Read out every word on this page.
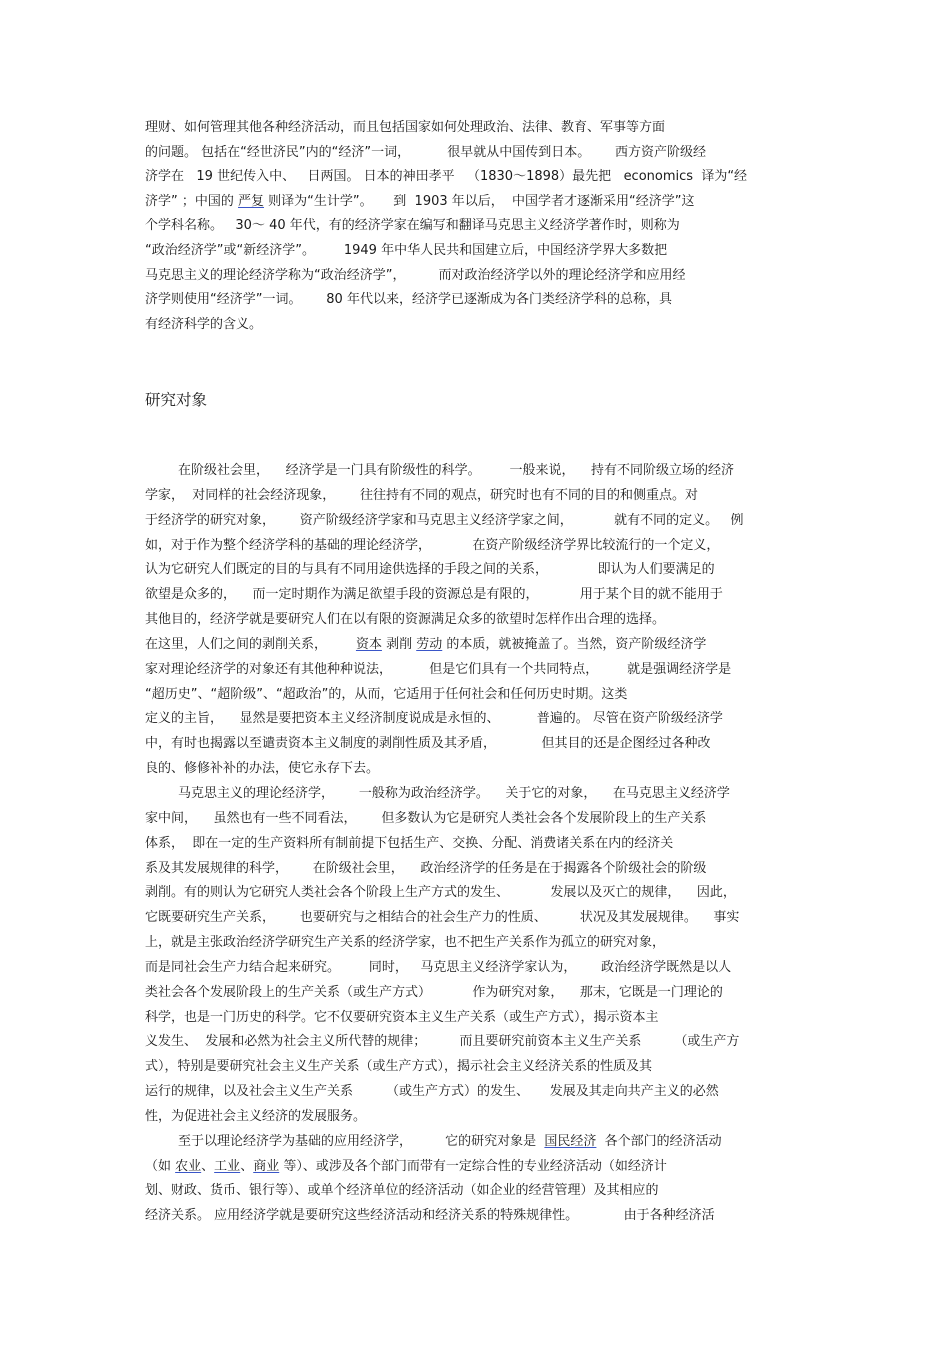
理财、如何管理其他各种经济活动，而且包括国家如何处理政治、法律、教育、军事等方面
的问题。 包括在“经世济民”内的“经济”一词，         很早就从中国传到日本。      西方资产阶级经
济学在   19 世纪传入中、   日两国。 日本的神田孝平   （1830～1898）最先把   economics  译为“经
济学” ；中国的 严复 则译为“生计学”。     到  1903 年以后，  中国学者才逐渐采用“经济学”这
个学科名称。   30～ 40 年代，有的经济学家在编写和翻译马克思主义经济学著作时，则称为
“政治经济学”或“新经济学”。       1949 年中华人民共和国建立后，中国经济学界大多数把
马克思主义的理论经济学称为“政治经济学”，        而对政治经济学以外的理论经济学和应用经
济学则使用“经济学”一词。      80 年代以来，经济学已逐渐成为各门类经济学科的总称，具
有经济科学的含义。
研究对象
在阶级社会里，    经济学是一门具有阶级性的科学。       一般来说，    持有不同阶级立场的经济
学家，  对同样的社会经济现象，      往往持有不同的观点，研究时也有不同的目的和侧重点。对
于经济学的研究对象，      资产阶级经济学家和马克思主义经济学家之间，          就有不同的定义。   例
如，对于作为整个经济学科的基础的理论经济学，          在资产阶级经济学界比较流行的一个定义，
认为它研究人们既定的目的与具有不同用途供选择的手段之间的关系，            即认为人们要满足的
欲望是众多的，    而一定时期作为满足欲望手段的资源总是有限的，          用于某个目的就不能用于
其他目的，经济学就是要研究人们在以有限的资源满足众多的欲望时怎样作出合理的选择。
在这里，人们之间的剥削关系，       资本 剥削 劳动 的本质，就被掩盖了。当然，资产阶级经济学
家对理论经济学的对象还有其他种种说法，         但是它们具有一个共同特点，       就是强调经济学是
“超历史”、“超阶级”、“超政治”的，从而，它适用于任何社会和任何历史时期。这类
定义的主旨，    显然是要把资本主义经济制度说成是永恒的、         普遍的。 尽管在资产阶级经济学
中，有时也揭露以至谴责资本主义制度的剥削性质及其矛盾，           但其目的还是企图经过各种改
良的、修修补补的办法，使它永存下去。
马克思主义的理论经济学，      一般称为政治经济学。    关于它的对象，    在马克思主义经济学
家中间，    虽然也有一些不同看法，      但多数认为它是研究人类社会各个发展阶段上的生产关系
体系，  即在一定的生产资料所有制前提下包括生产、交换、分配、消费诸关系在内的经济关
系及其发展规律的科学，      在阶级社会里，    政治经济学的任务是在于揭露各个阶级社会的阶级
剥削。有的则认为它研究人类社会各个阶段上生产方式的发生、          发展以及灭亡的规律，    因此，
它既要研究生产关系，      也要研究与之相结合的社会生产力的性质、        状况及其发展规律。    事实
上，就是主张政治经济学研究生产关系的经济学家，也不把生产关系作为孤立的研究对象，
而是同社会生产力结合起来研究。       同时，   马克思主义经济学家认为，      政治经济学既然是以人
类社会各个发展阶段上的生产关系（或生产方式）          作为研究对象，    那末，它既是一门理论的
科学，也是一门历史的科学。它不仅要研究资本主义生产关系（或生产方式），揭示资本主
义发生、  发展和必然为社会主义所代替的规律；        而且要研究前资本主义生产关系        （或生产方
式），特别是要研究社会主义生产关系（或生产方式），揭示社会主义经济关系的性质及其
运行的规律，以及社会主义生产关系        （或生产方式）的发生、     发展及其走向共产主义的必然
性，为促进社会主义经济的发展服务。
至于以理论经济学为基础的应用经济学，        它的研究对象是  国民经济  各个部门的经济活动
（如 农业、工业、商业 等）、或涉及各个部门而带有一定综合性的专业经济活动（如经济计
划、财政、货币、银行等）、或单个经济单位的经济活动（如企业的经营管理）及其相应的
经济关系。 应用经济学就是要研究这些经济活动和经济关系的特殊规律性。           由于各种经济活
